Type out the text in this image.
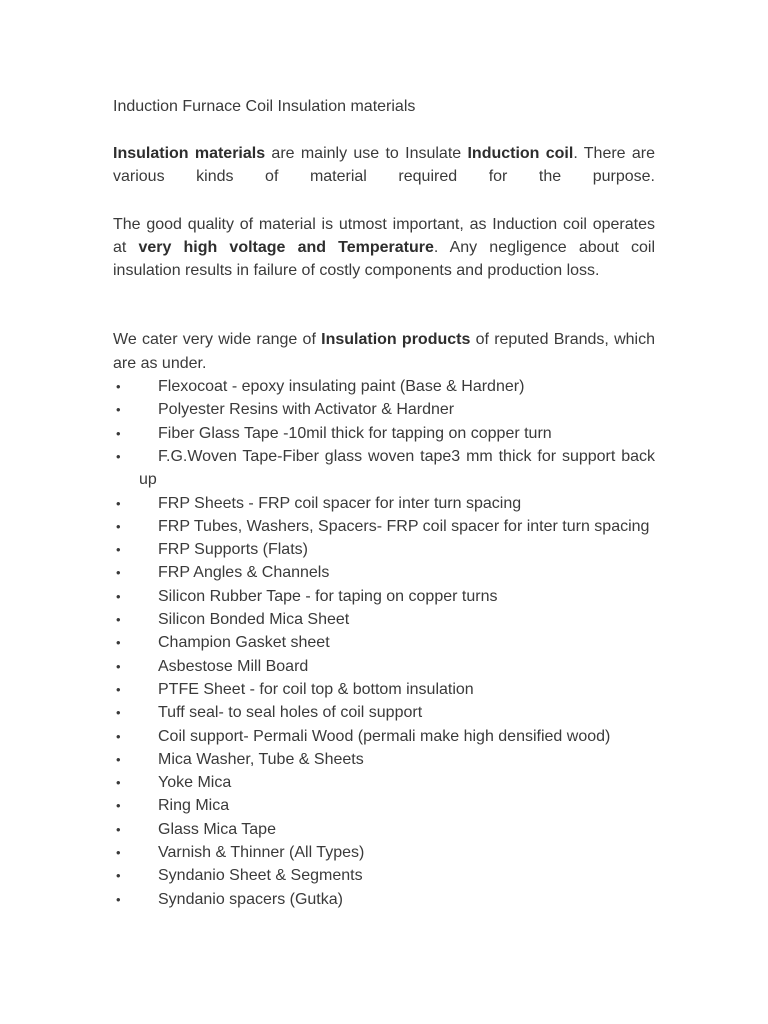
Induction Furnace Coil Insulation materials

Insulation materials are mainly use to Insulate Induction coil. There are various kinds of material required for the purpose.

The good quality of material is utmost important, as Induction coil operates at very high voltage and Temperature. Any negligence about coil insulation results in failure of costly components and production loss.

We cater very wide range of Insulation products of reputed Brands, which are as under.

• Flexocoat - epoxy insulating paint (Base & Hardner)
• Polyester Resins with Activator & Hardner
• Fiber Glass Tape -10mil thick for tapping on copper turn
• F.G.Woven Tape-Fiber glass woven tape3 mm thick for support back up
• FRP Sheets - FRP coil spacer for inter turn spacing
• FRP Tubes, Washers, Spacers- FRP coil spacer for inter turn spacing
• FRP Supports (Flats)
• FRP Angles & Channels
• Silicon Rubber Tape - for taping on copper turns
• Silicon Bonded Mica Sheet
• Champion Gasket sheet
• Asbestose Mill Board
• PTFE Sheet - for coil top & bottom insulation
• Tuff seal- to seal holes of coil support
• Coil support- Permali Wood (permali make high densified wood)
• Mica Washer, Tube & Sheets
• Yoke Mica
• Ring Mica
• Glass Mica Tape
• Varnish & Thinner (All Types)
• Syndanio Sheet & Segments
• Syndanio spacers (Gutka)
